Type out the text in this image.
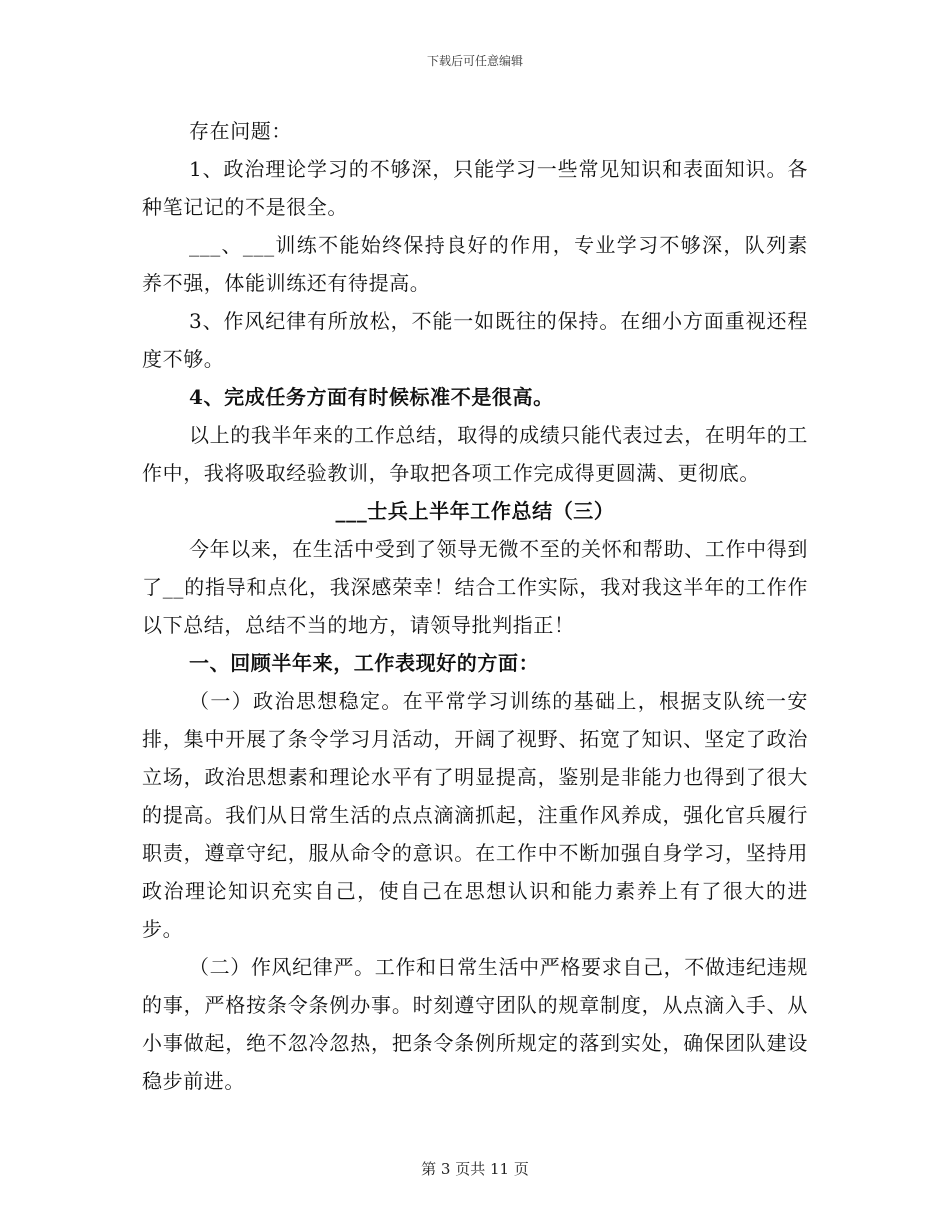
下载后可任意编辑

存在问题：

1、政治理论学习的不够深，只能学习一些常见知识和表面知识。各种笔记记的不是很全。

___、___训练不能始终保持良好的作用，专业学习不够深，队列素养不强，体能训练还有待提高。

3、作风纪律有所放松，不能一如既往的保持。在细小方面重视还程度不够。

4、完成任务方面有时候标准不是很高。

以上的我半年来的工作总结，取得的成绩只能代表过去，在明年的工作中，我将吸取经验教训，争取把各项工作完成得更圆满、更彻底。

___士兵上半年工作总结（三）

今年以来，在生活中受到了领导无微不至的关怀和帮助、工作中得到了__的指导和点化，我深感荣幸！结合工作实际，我对我这半年的工作作以下总结，总结不当的地方，请领导批判指正！

一、回顾半年来，工作表现好的方面：

（一）政治思想稳定。在平常学习训练的基础上，根据支队统一安排，集中开展了条令学习月活动，开阔了视野、拓宽了知识、坚定了政治立场，政治思想素和理论水平有了明显提高，鉴别是非能力也得到了很大的提高。我们从日常生活的点点滴滴抓起，注重作风养成，强化官兵履行职责，遵章守纪，服从命令的意识。在工作中不断加强自身学习，坚持用政治理论知识充实自己，使自己在思想认识和能力素养上有了很大的进步。

（二）作风纪律严。工作和日常生活中严格要求自己，不做违纪违规的事，严格按条令条例办事。时刻遵守团队的规章制度，从点滴入手、从小事做起，绝不忽冷忽热，把条令条例所规定的落到实处，确保团队建设稳步前进。

第 3 页共 11 页
